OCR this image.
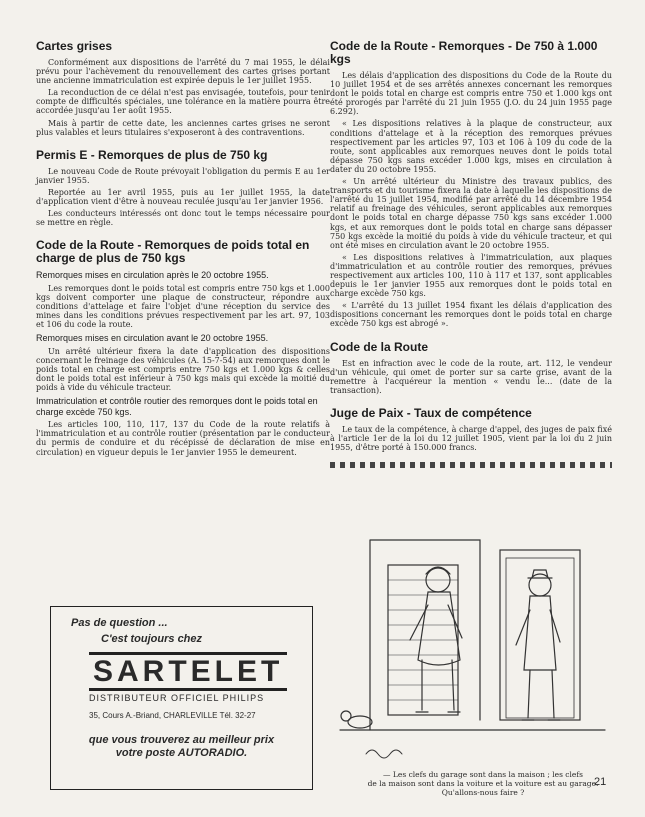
Cartes grises

Conformément aux dispositions de l'arrêté du 7 mai 1955, le délai prévu pour l'achèvement du renouvellement des cartes grises portant une ancienne immatriculation est expirée depuis le 1er juillet 1955.

La reconduction de ce délai n'est pas envisagée, toutefois, pour tenir compte de difficultés spéciales, une tolérance en la matière pourra être accordée jusqu'au 1er août 1955.

Mais à partir de cette date, les anciennes cartes grises ne seront plus valables et leurs titulaires s'exposeront à des contraventions.

Permis E - Remorques de plus de 750 kg

Le nouveau Code de Route prévoyait l'obligation du permis E au 1er janvier 1955.

Reportée au 1er avril 1955, puis au 1er juillet 1955, la date d'application vient d'être à nouveau reculée jusqu'au 1er janvier 1956.

Les conducteurs intéressés ont donc tout le temps nécessaire pour se mettre en règle.

Code de la Route - Remorques de poids total en charge de plus de 750 kgs
Remorques mises en circulation après le 20 octobre 1955.

Les remorques dont le poids total est compris entre 750 kgs et 1.000 kgs doivent comporter une plaque de constructeur, répondre aux conditions d'attelage et faire l'objet d'une réception du service des mines dans les conditions prévues respectivement par les art. 97, 103 et 106 du code la route.

Remorques mises en circulation avant le 20 octobre 1955.

Un arrêté ultérieur fixera la date d'application des dispositions concernant le freinage des véhicules (A. 15-7-54) aux remorques dont le poids total en charge est compris entre 750 kgs et 1.000 kgs & celles dont le poids total est inférieur à 750 kgs mais qui excède la moitié du poids à vide du véhicule tracteur.

Immatriculation et contrôle routier des remorques dont le poids total en charge excède 750 kgs.

Les articles 100, 110, 117, 137 du Code de la route relatifs à l'immatriculation et au contrôle routier (présentation par le conducteur du permis de conduire et du récépissé de déclaration de mise en circulation) en vigueur depuis le 1er janvier 1955 le demeurent.

Pas de question ...
C'est toujours chez
SARTELET
DISTRIBUTEUR OFFICIEL PHILIPS
35, Cours A.-Briand, CHARLEVILLE Tél. 32-27
que vous trouverez au meilleur prix
votre poste AUTORADIO.
Code de la Route - Remorques - De 750 à 1.000 kgs

Les délais d'application des dispositions du Code de la Route du 10 juillet 1954 et de ses arrêtés annexes concernant les remorques dont le poids total en charge est compris entre 750 et 1.000 kgs ont été prorogés par l'arrêté du 21 juin 1955 (J.O. du 24 juin 1955 page 6.292).

« Les dispositions relatives à la plaque de constructeur, aux conditions d'attelage et à la réception des remorques prévues respectivement par les articles 97, 103 et 106 à 109 du code de la route, sont applicables aux remorques neuves dont le poids total dépasse 750 kgs sans excéder 1.000 kgs, mises en circulation à dater du 20 octobre 1955.

« Un arrêté ultérieur du Ministre des travaux publics, des transports et du tourisme fixera la date à laquelle les dispositions de l'arrêté du 15 juillet 1954, modifié par arrêté du 14 décembre 1954 relatif au freinage des véhicules, seront applicables aux remorques dont le poids total en charge dépasse 750 kgs sans excéder 1.000 kgs, et aux remorques dont le poids total en charge sans dépasser 750 kgs excède la moitié du poids à vide du véhicule tracteur, et qui ont été mises en circulation avant le 20 octobre 1955.

« Les dispositions relatives à l'immatriculation, aux plaques d'immatriculation et au contrôle routier des remorques, prévues respectivement aux articles 100, 110 à 117 et 137, sont applicables depuis le 1er janvier 1955 aux remorques dont le poids total en charge excède 750 kgs.

« L'arrêté du 13 juillet 1954 fixant les délais d'application des dispositions concernant les remorques dont le poids total en charge excède 750 kgs est abrogé ».

Code de la Route

Est en infraction avec le code de la route, art. 112, le vendeur d'un véhicule, qui omet de porter sur sa carte grise, avant de la remettre à l'acquéreur la mention « vendu le... (date de la transaction).

Juge de Paix - Taux de compétence

Le taux de la compétence, à charge d'appel, des juges de paix fixé à l'article 1er de la loi du 12 juillet 1905, vient par la loi du 2 juin 1955, d'être porté à 150.000 francs.

— Les clefs du garage sont dans la maison ; les clefs
de la maison sont dans la voiture et la voiture est au garage.
Qu'allons-nous faire ?
21
